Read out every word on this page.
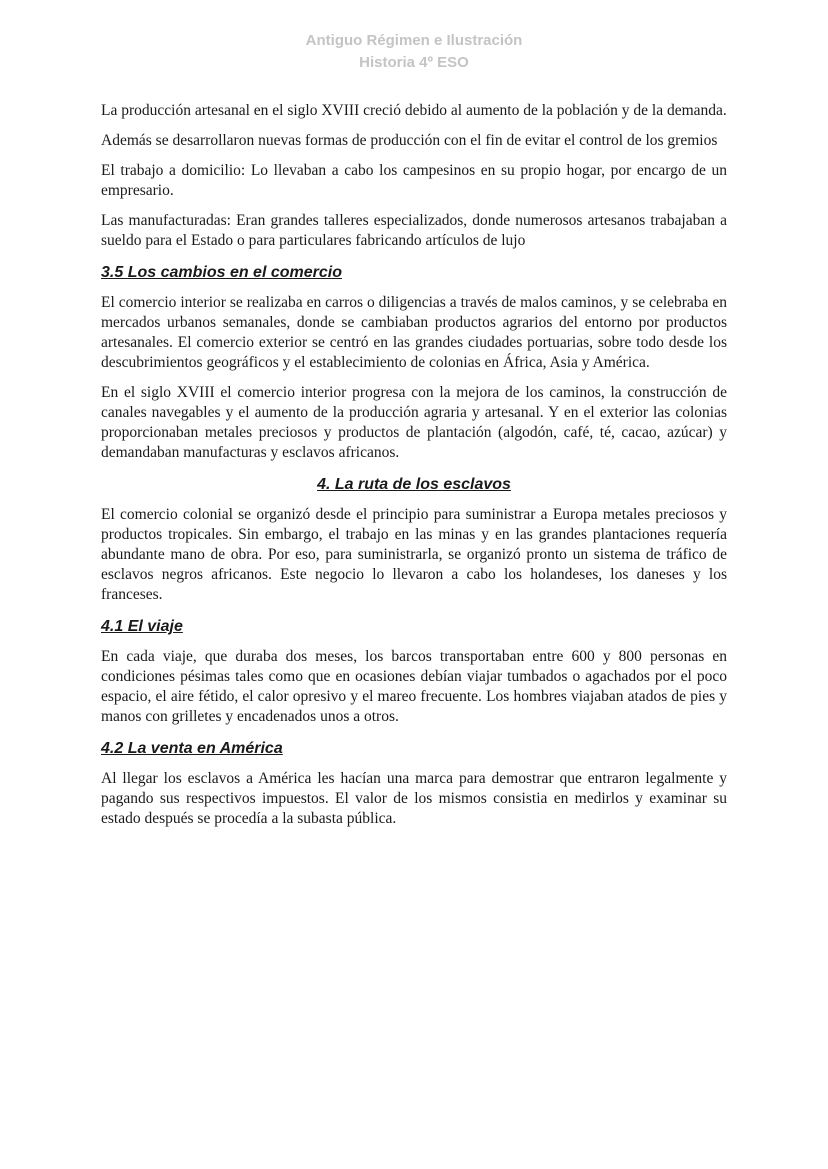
Antiguo Régimen e Ilustración
Historia 4º ESO

La producción artesanal en el siglo XVIII creció debido al aumento de la población y de la demanda.

Además se desarrollaron nuevas formas de producción con el fin de evitar el control de los gremios

El trabajo a domicilio: Lo llevaban a cabo los campesinos en su propio hogar, por encargo de un empresario.

Las manufacturadas: Eran grandes talleres especializados, donde numerosos artesanos trabajaban a sueldo para el Estado o para particulares fabricando artículos de lujo

3.5 Los cambios en el comercio

El comercio interior se realizaba en carros o diligencias a través de malos caminos, y se celebraba en mercados urbanos semanales, donde se cambiaban productos agrarios del entorno por productos artesanales. El comercio exterior se centró en las grandes ciudades portuarias, sobre todo desde los descubrimientos geográficos y el establecimiento de colonias en África, Asia y América.

En el siglo XVIII el comercio interior progresa con la mejora de los caminos, la construcción de canales navegables y el aumento de la producción agraria y artesanal. Y en el exterior las colonias proporcionaban metales preciosos y productos de plantación (algodón, café, té, cacao, azúcar) y demandaban manufacturas y esclavos africanos.

4. La ruta de los esclavos

El comercio colonial se organizó desde el principio para suministrar a Europa metales preciosos y productos tropicales. Sin embargo, el trabajo en las minas y en las grandes plantaciones requería abundante mano de obra. Por eso, para suministrarla, se organizó pronto un sistema de tráfico de esclavos negros africanos. Este negocio lo llevaron a cabo los holandeses, los daneses y los franceses.

4.1 El viaje

En cada viaje, que duraba dos meses, los barcos transportaban entre 600 y 800 personas en condiciones pésimas tales como que en ocasiones debían viajar tumbados o agachados por el poco espacio, el aire fétido, el calor opresivo y el mareo frecuente. Los hombres viajaban atados de pies y manos con grilletes y encadenados unos a otros.

4.2 La venta en América

Al llegar los esclavos a América les hacían una marca para demostrar que entraron legalmente y pagando sus respectivos impuestos. El valor de los mismos consistia en medirlos y examinar su estado después se procedía a la subasta pública.
